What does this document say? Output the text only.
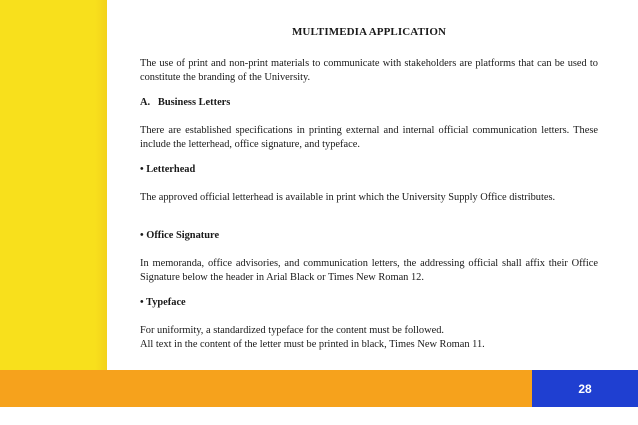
MULTIMEDIA APPLICATION

The use of print and non-print materials to communicate with stakeholders are platforms that can be used to constitute the branding of the University.

A.   Business Letters

There are established specifications in printing external and internal official communication letters. These include the letterhead, office signature, and typeface.

• Letterhead

The approved official letterhead is available in print which the University Supply Office distributes.

• Office Signature

In memoranda, office advisories, and communication letters, the addressing official shall affix their Office Signature below the header in Arial Black or Times New Roman 12.

• Typeface

For uniformity, a standardized typeface for the content must be followed.

All text in the content of the letter must be printed in black, Times New Roman 11.

28
